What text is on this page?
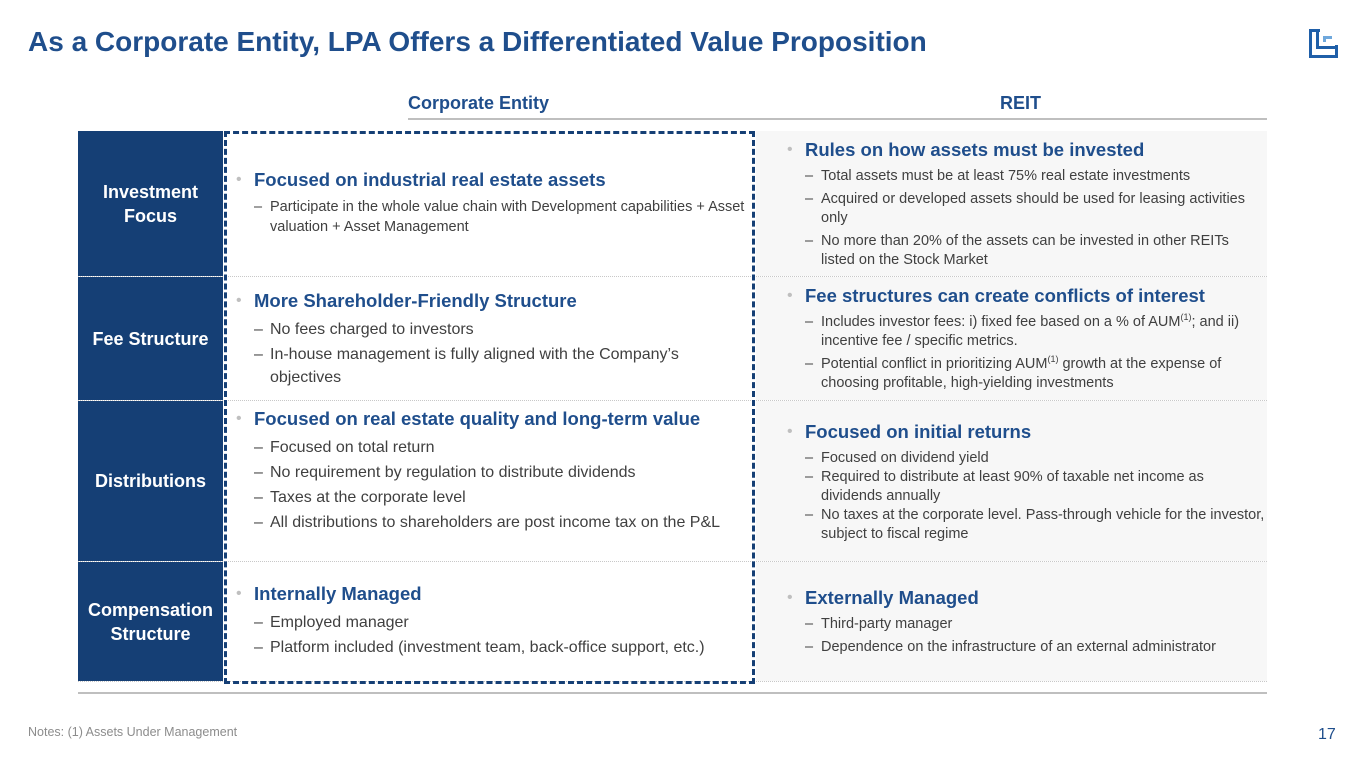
As a Corporate Entity, LPA Offers a Differentiated Value Proposition
Corporate Entity	REIT
Investment Focus
• Focused on industrial real estate assets
– Participate in the whole value chain with Development capabilities + Asset valuation + Asset Management
• Rules on how assets must be invested
– Total assets must be at least 75% real estate investments
– Acquired or developed assets should be used for leasing activities only
– No more than 20% of the assets can be invested in other REITs listed on the Stock Market
Fee Structure
• More Shareholder-Friendly Structure
– No fees charged to investors
– In-house management is fully aligned with the Company’s objectives
• Fee structures can create conflicts of interest
– Includes investor fees: i) fixed fee based on a % of AUM$^{(1)}$; and ii) incentive fee / specific metrics.
– Potential conflict in prioritizing AUM$^{(1)}$ growth at the expense of choosing profitable, high-yielding investments
Distributions
• Focused on real estate quality and long-term value
– Focused on total return
– No requirement by regulation to distribute dividends
– Taxes at the corporate level
– All distributions to shareholders are post income tax on the P&L
• Focused on initial returns
– Focused on dividend yield
– Required to distribute at least 90% of taxable net income as dividends annually
– No taxes at the corporate level. Pass-through vehicle for the investor, subject to fiscal regime
Compensation Structure
• Internally Managed
– Employed manager
– Platform included (investment team, back-office support, etc.)
• Externally Managed
– Third-party manager
– Dependence on the infrastructure of an external administrator
Notes: (1) Assets Under Management	17
